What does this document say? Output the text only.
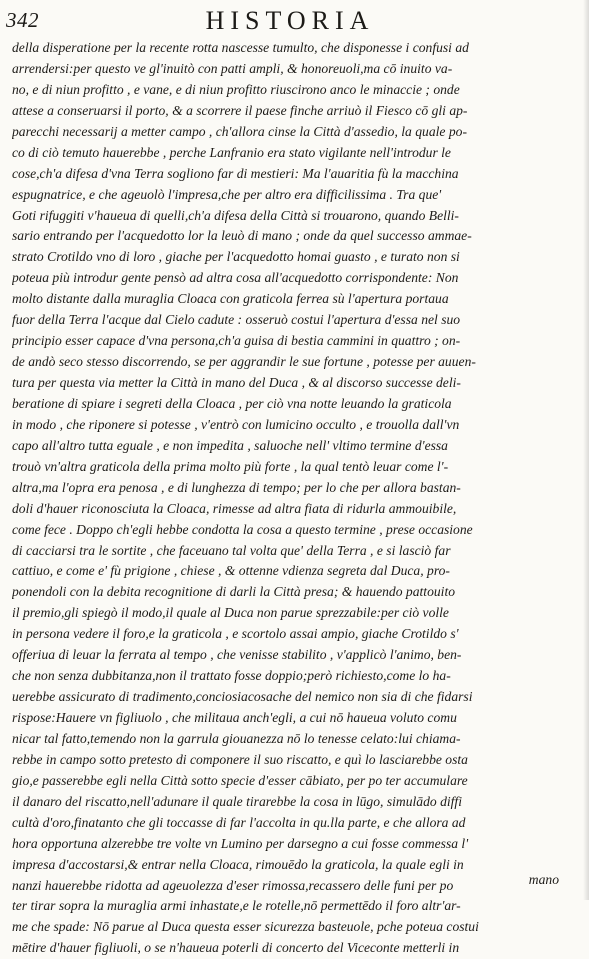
342	HISTORIA
della disperatione per la recente rotta nascesse tumulto, che disponesse i confusi ad
arrendersi:per questo ve gl'inuitò con patti ampli, & honoreuoli,ma cō inuito va-
no, e di niun profitto , e vane, e di niun profitto riuscirono anco le minaccie ; onde
attese a conseruarsi il porto, & a scorrere il paese finche arriuò il Fiesco cō gli ap-
parecchi necessarij a metter campo , ch'allora cinse la Città d'assedio, la quale po-
co di ciò temuto hauerebbe , perche Lanfranio era stato vigilante nell'introdur le
cose,ch'a difesa d'vna Terra sogliono far di mestieri: Ma l'auaritia fù la macchina
espugnatrice, e che ageuolò l'impresa,che per altro era difficilissima . Tra que'
Goti rifuggiti v'haueua di quelli,ch'a difesa della Città si trouarono, quando Belli-
sario entrando per l'acquedotto lor la leuò di mano ; onde da quel successo ammae-
strato Crotildo vno di loro , giache per l'acquedotto homai guasto , e turato non si
poteua più introdur gente pensò ad altra cosa all'acquedotto corrispondente: Non
molto distante dalla muraglia Cloaca con graticola ferrea sù l'apertura portaua
fuor della Terra l'acque dal Cielo cadute : osseruò costui l'apertura d'essa nel suo
principio esser capace d'vna persona,ch'a guisa di bestia cammini in quattro ; on-
de andò seco stesso discorrendo, se per aggrandir le sue fortune , potesse per auuen-
tura per questa via metter la Città in mano del Duca , & al discorso successe deli-
beratione di spiare i segreti della Cloaca , per ciò vna notte leuando la graticola
in modo , che riponere si potesse , v'entrò con lumicino occulto , e trouolla dall'vn
capo all'altro tutta eguale , e non impedita , saluoche nell' vltimo termine d'essa
trouò vn'altra graticola della prima molto più forte , la qual tentò leuar come l'-
altra,ma l'opra era penosa , e di lunghezza di tempo; per lo che per allora bastan-
doli d'hauer riconosciuta la Cloaca, rimesse ad altra fiata di ridurla ammouibile,
come fece . Doppo ch'egli hebbe condotta la cosa a questo termine , prese occasione
di cacciarsi tra le sortite , che faceuano tal volta que' della Terra , e si lasciò far
cattiuo, e come e' fù prigione , chiese , & ottenne vdienza segreta dal Duca, pro-
ponendoli con la debita recognitione di darli la Città presa; & hauendo pattouito
il premio,gli spiegò il modo,il quale al Duca non parue sprezzabile:per ciò volle
in persona vedere il foro,e la graticola , e scortolo assai ampio, giache Crotildo s'
offeriua di leuar la ferrata al tempo , che venisse stabilito , v'applicò l'animo, ben-
che non senza dubbitanza,non il trattato fosse doppio;però richiesto,come lo ha-
uerebbe assicurato di tradimento,conciosiacosache del nemico non sia di che fidarsi
rispose:Hauere vn figliuolo , che militaua anch'egli, a cui nō haueua voluto comu
nicar tal fatto,temendo non la garrula giouanezza nō lo tenesse celato:lui chiama-
rebbe in campo sotto pretesto di componere il suo riscatto, e quì lo lasciarebbe osta
gio,e passerebbe egli nella Città sotto specie d'esser cābiato, per po ter accumulare
il danaro del riscatto,nell'adunare il quale tirarebbe la cosa in lūgo, simulādo diffi
cultà d'oro,finatanto che gli toccasse di far l'accolta in qu.lla parte, e che allora ad
hora opportuna alzerebbe tre volte vn Lumino per darsegno a cui fosse commessa l'
impresa d'accostarsi,& entrar nella Cloaca, rimouēdo la graticola, la quale egli in
nanzi hauerebbe ridotta ad ageuolezza d'eser rimossa,recassero delle funi per po
ter tirar sopra la muraglia armi inhastate,e le rotelle,nō permettēdo il foro altr'ar-
me che spade: Nō parue al Duca questa esser sicurezza basteuole, pche poteua costui
mētire d'hauer figliuoli, o se n'haueua poterli di concerto del Viceconte metterli in
mano
